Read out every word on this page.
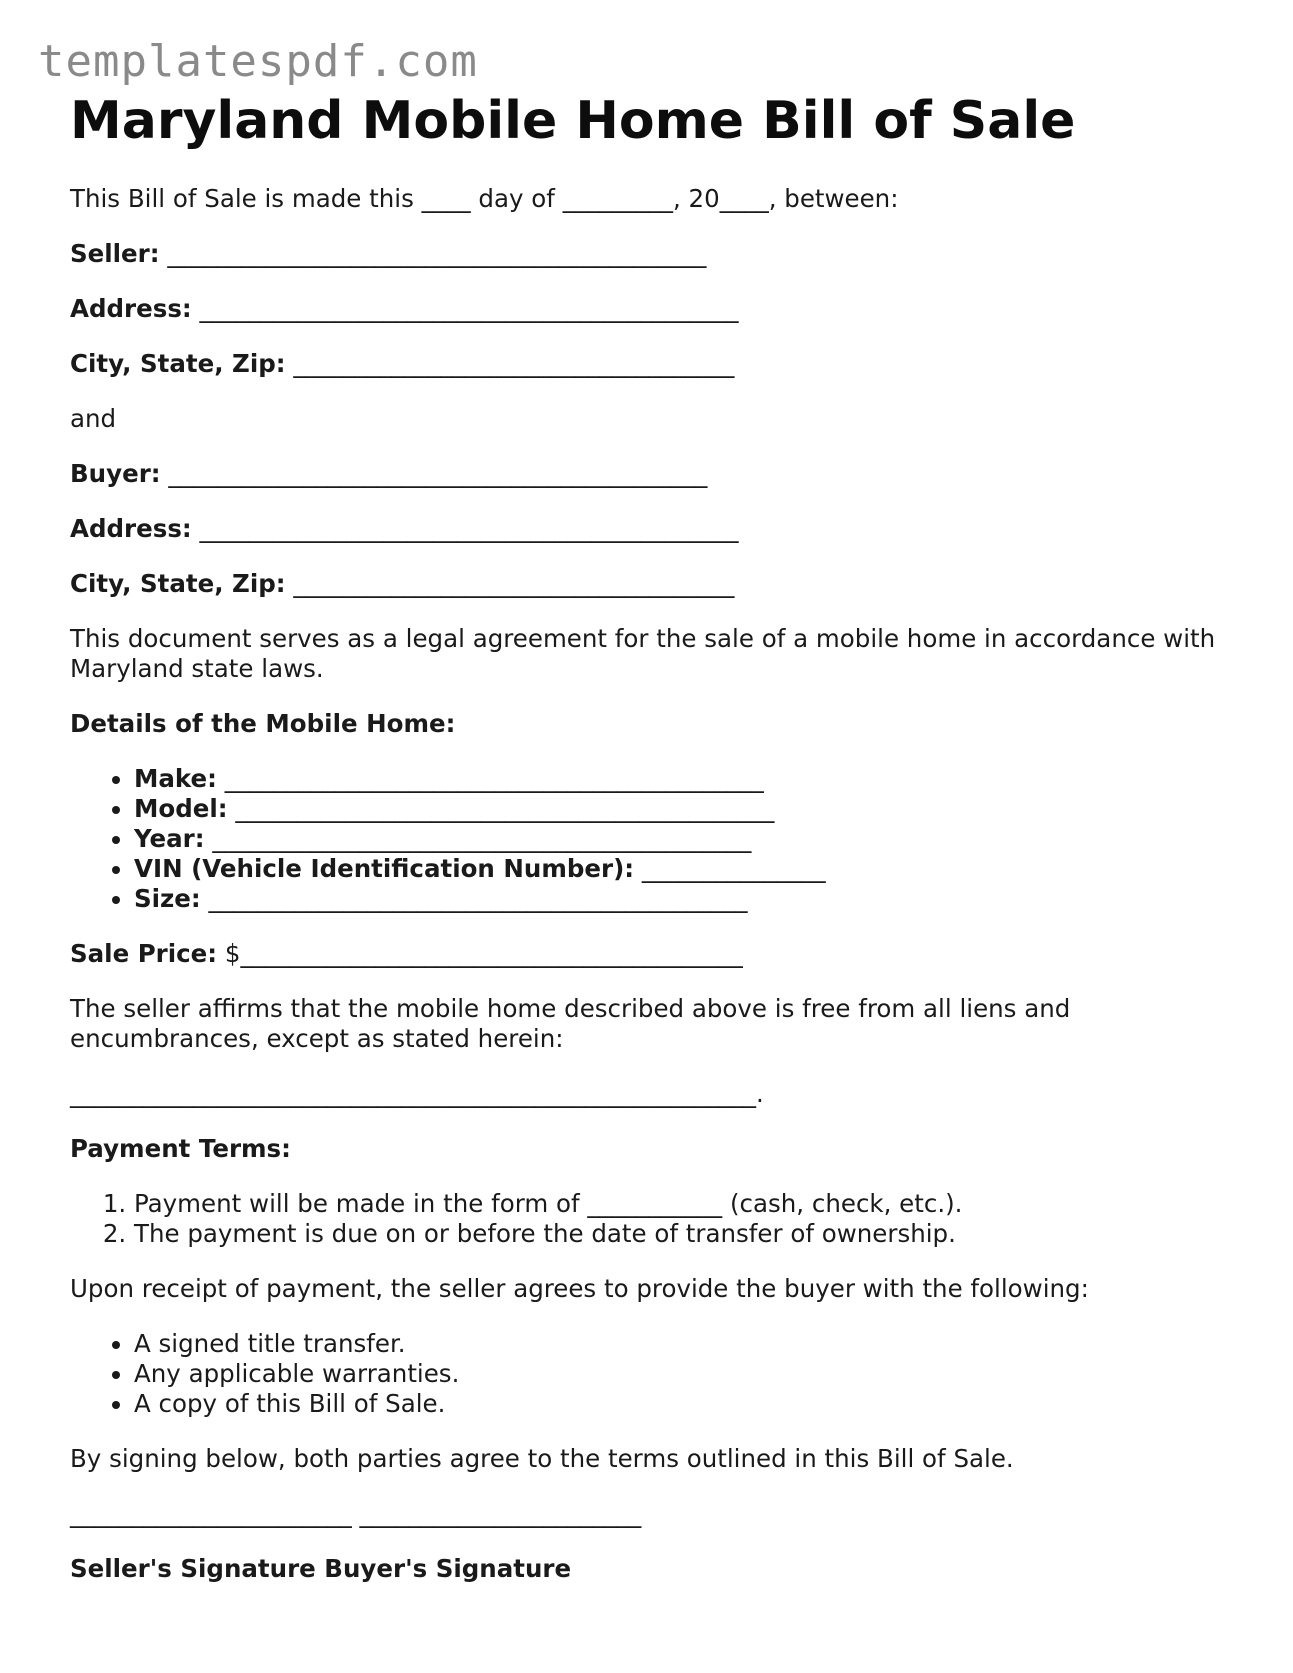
templatespdf.com
Maryland Mobile Home Bill of Sale

This Bill of Sale is made this ____ day of _________, 20____, between:

Seller: ____________________________________________

Address: ____________________________________________

City, State, Zip: ____________________________________

and

Buyer: ____________________________________________

Address: ____________________________________________

City, State, Zip: ____________________________________

This document serves as a legal agreement for the sale of a mobile home in accordance with Maryland state laws.

Details of the Mobile Home:

• Make: ____________________________________________
• Model: ____________________________________________
• Year: ____________________________________________
• VIN (Vehicle Identification Number): _______________
• Size: ____________________________________________

Sale Price: $_________________________________________

The seller affirms that the mobile home described above is free from all liens and encumbrances, except as stated herein:

________________________________________________________.

Payment Terms:

1. Payment will be made in the form of ___________ (cash, check, etc.).
2. The payment is due on or before the date of transfer of ownership.

Upon receipt of payment, the seller agrees to provide the buyer with the following:

• A signed title transfer.
• Any applicable warranties.
• A copy of this Bill of Sale.

By signing below, both parties agree to the terms outlined in this Bill of Sale.

_______________________ _______________________

Seller's Signature Buyer's Signature
